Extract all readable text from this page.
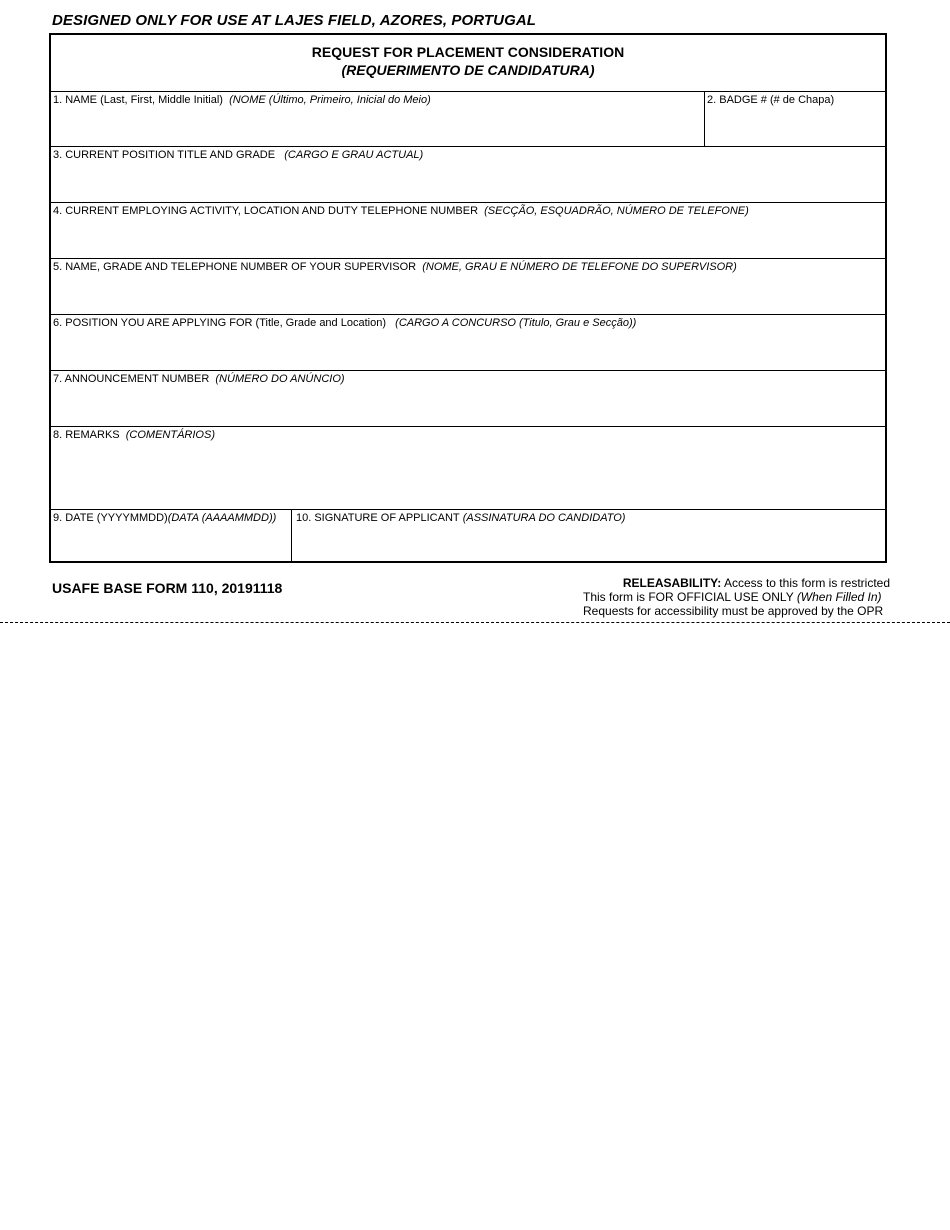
DESIGNED ONLY FOR USE AT LAJES FIELD, AZORES, PORTUGAL
REQUEST FOR PLACEMENT CONSIDERATION
(REQUERIMENTO DE CANDIDATURA)
1. NAME (Last, First, Middle Initial) (NOME (Último, Primeiro, Inicial do Meio)	2. BADGE # (# de Chapa)
3. CURRENT POSITION TITLE AND GRADE (CARGO E GRAU ACTUAL)
4. CURRENT EMPLOYING ACTIVITY, LOCATION AND DUTY TELEPHONE NUMBER (SECÇÃO, ESQUADRÃO, NÚMERO DE TELEFONE)
5. NAME, GRADE AND TELEPHONE NUMBER OF YOUR SUPERVISOR (NOME, GRAU E NÚMERO DE TELEFONE DO SUPERVISOR)
6. POSITION YOU ARE APPLYING FOR (Title, Grade and Location) (CARGO A CONCURSO (Titulo, Grau e Secção))
7. ANNOUNCEMENT NUMBER (NÚMERO DO ANÚNCIO)
8. REMARKS (COMENTÁRIOS)
9. DATE (YYYYMMDD)(DATA (AAAAMMDD))	10. SIGNATURE OF APPLICANT (ASSINATURA DO CANDIDATO)
USAFE BASE FORM 110, 20191118	RELEASABILITY: Access to this form is restricted
This form is FOR OFFICIAL USE ONLY (When Filled In)
Requests for accessibility must be approved by the OPR
